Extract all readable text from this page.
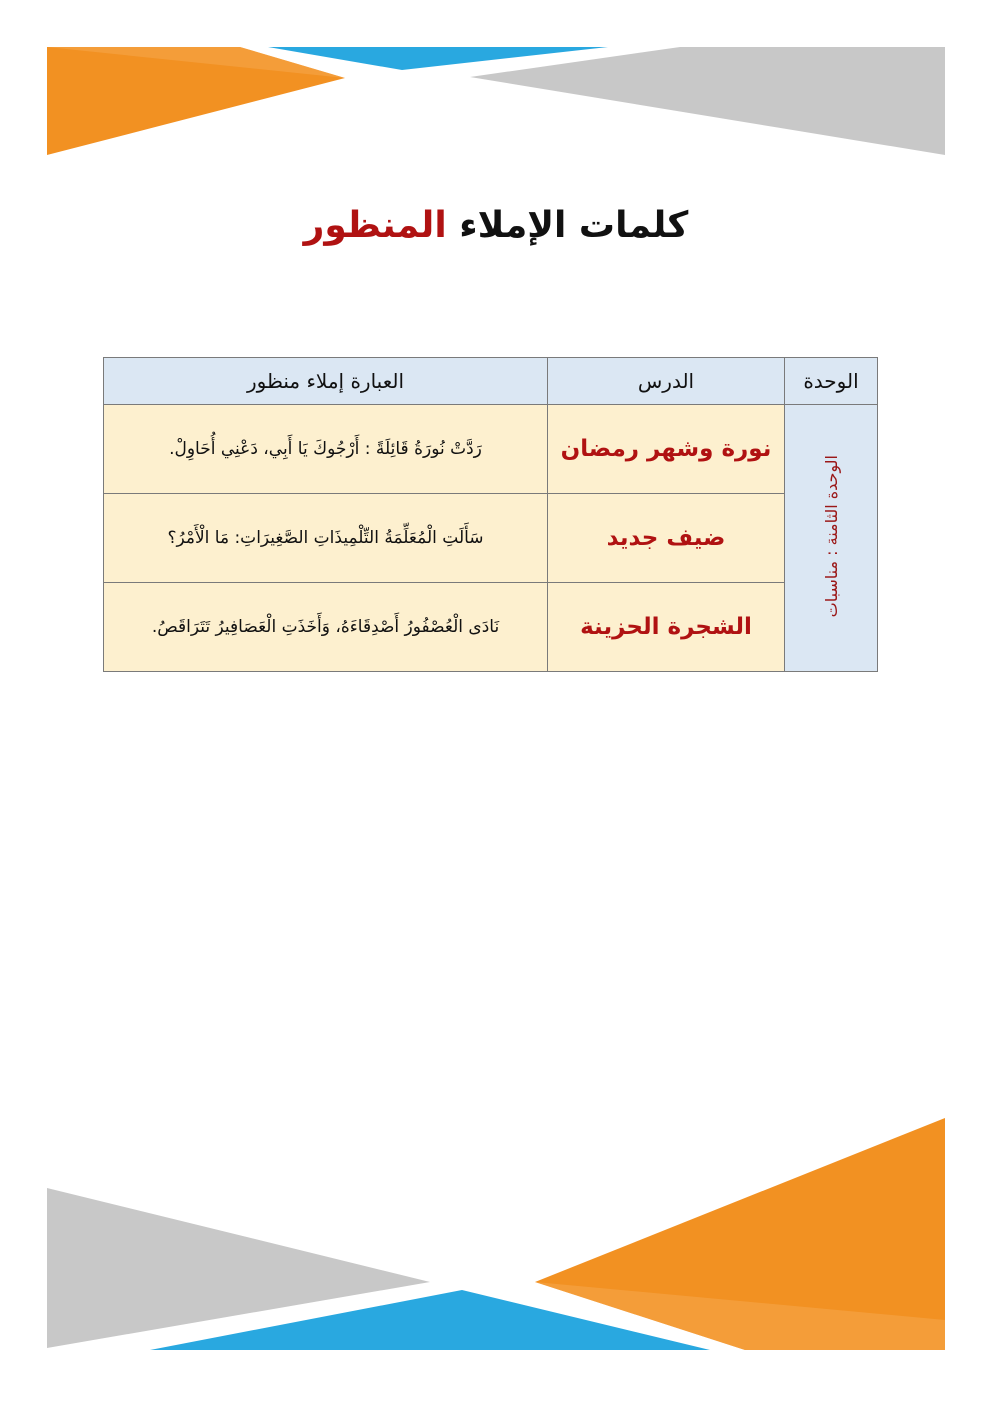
كلمات الإملاء المنظور
الوحدة	الدرس	العبارة إملاء منظور
الوحدة الثامنة : مناسبات	نورة وشهر رمضان	رَدَّتْ نُورَةُ قَائِلَةً : أَرْجُوكَ يَا أَبِي، دَعْنِي أُحَاوِلْ.
	ضيف جديد	سَأَلَتِ الْمُعَلِّمَةُ التِّلْمِيذَاتِ الصَّغِيرَاتِ: مَا الْأَمْرُ؟
	الشجرة الحزينة	نَادَى الْعُصْفُورُ أَصْدِقَاءَهُ، وَأَخَذَتِ الْعَصَافِيرُ تَتَرَاقَصُ.
